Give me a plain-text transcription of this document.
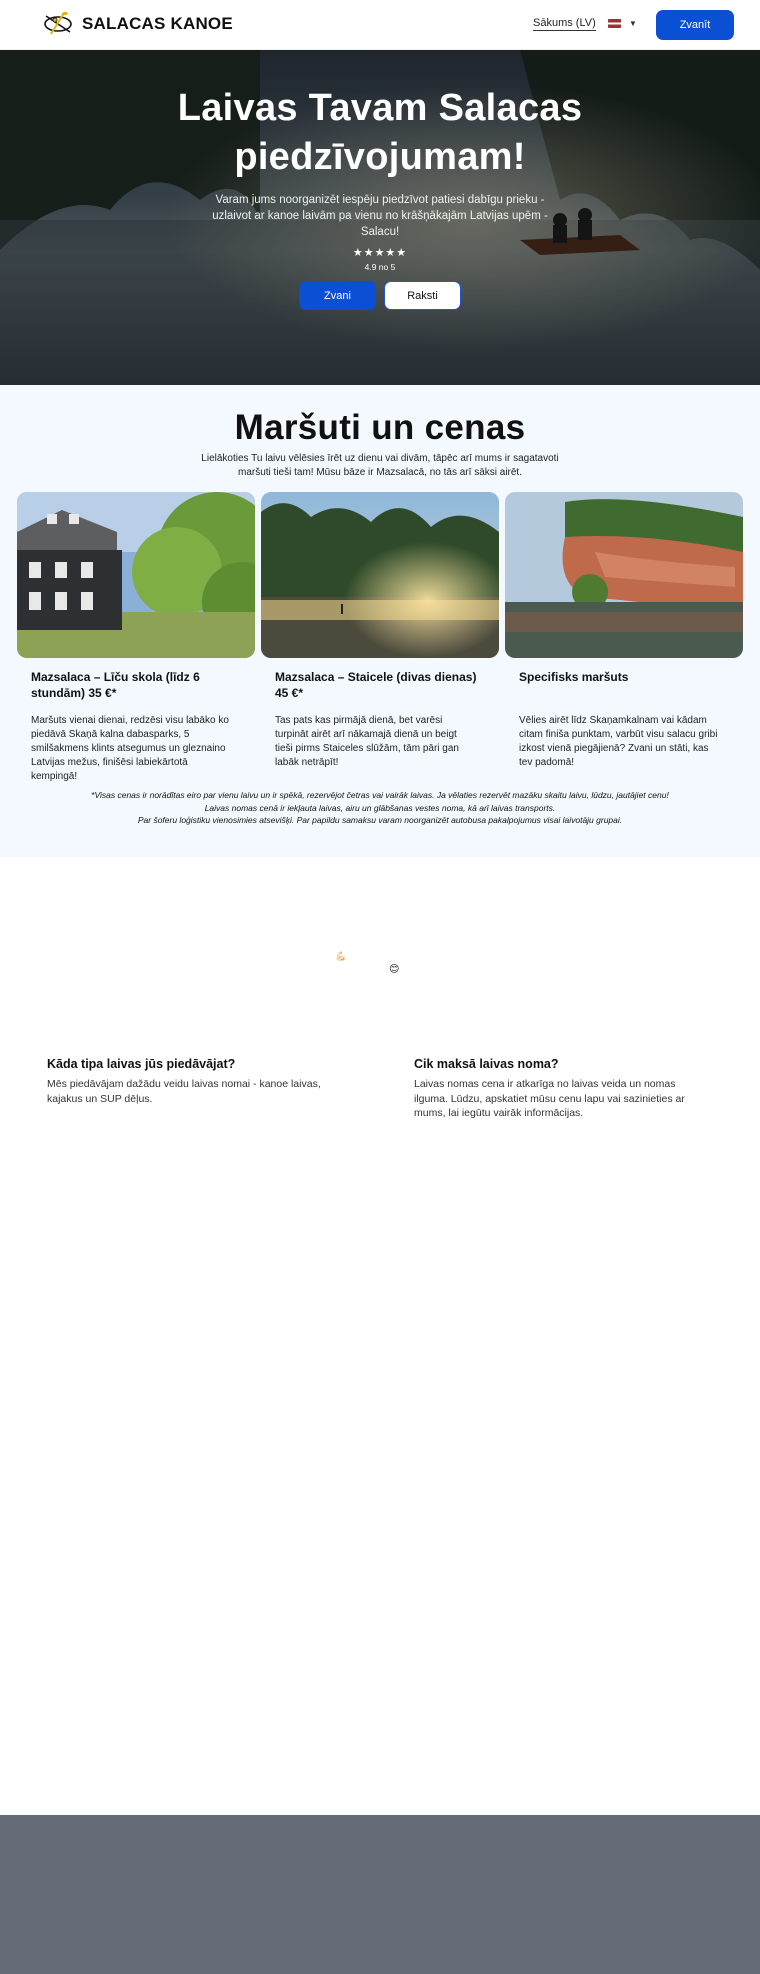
SALACAS KANOE	Sākums (LV)	▼	Zvanīt
Laivas Tavam Salacas piedzīvojumam!

Varam jums noorganizēt iespēju piedzīvot patiesi dabīgu prieku - uzlaivot ar kanoe laivām pa vienu no krāšņākajām Latvijas upēm - Salacu!

★★★★★
4.9 no 5
Zvani	Raksti
Maršuti un cenas

Lielākoties Tu laivu vēlēsies īrēt uz dienu vai divām, tāpēc arī mums ir sagatavoti maršuti tieši tam! Mūsu bāze ir Mazsalacā, no tās arī sāksi airēt.

Mazsalaca – Līču skola (līdz 6 stundām) 35 €*
Maršuts vienai dienai, redzēsi visu labāko ko piedāvā Skaņā kalna dabasparks, 5 smilšakmens klints atsegumus un gleznaino Latvijas mežus, finišēsi labiekārtotā kempingā!
Mazsalaca – Staicele (divas dienas) 45 €*
Tas pats kas pirmājā dienā, bet varēsi turpināt airēt arī nākamajā dienā un beigt tieši pirms Staiceles slūžām, tām pāri gan labāk netrāpīt!
Specifisks maršuts
Vēlies airēt līdz Skaņamkalnam vai kādam citam finiša punktam, varbūt visu salacu gribi izkost vienā piegājienā? Zvani un stāti, kas tev padomā!
*Visas cenas ir norādītas eiro par vienu laivu un ir spēkā, rezervējot četras vai vairāk laivas. Ja vēlaties rezervēt mazāku skaitu laivu, lūdzu, jautājiet cenu!
Laivas nomas cenā ir iekļauta laivas, airu un glābšanas vestes noma, kā arī laivas transports.
Par šoferu loģistiku vienosimies atsevišķi. Par papildu samaksu varam noorganizēt autobusa pakalpojumus visai laivotāju grupai.
💪🏻
😊
Kāda tipa laivas jūs piedāvājat?
Mēs piedāvājam dažādu veidu laivas nomai - kanoe laivas, kajakus un SUP dēļus.
Cik maksā laivas noma?
Laivas nomas cena ir atkarīga no laivas veida un nomas ilguma. Lūdzu, apskatiet mūsu cenu lapu vai sazinieties ar mums, lai iegūtu vairāk informācijas.
